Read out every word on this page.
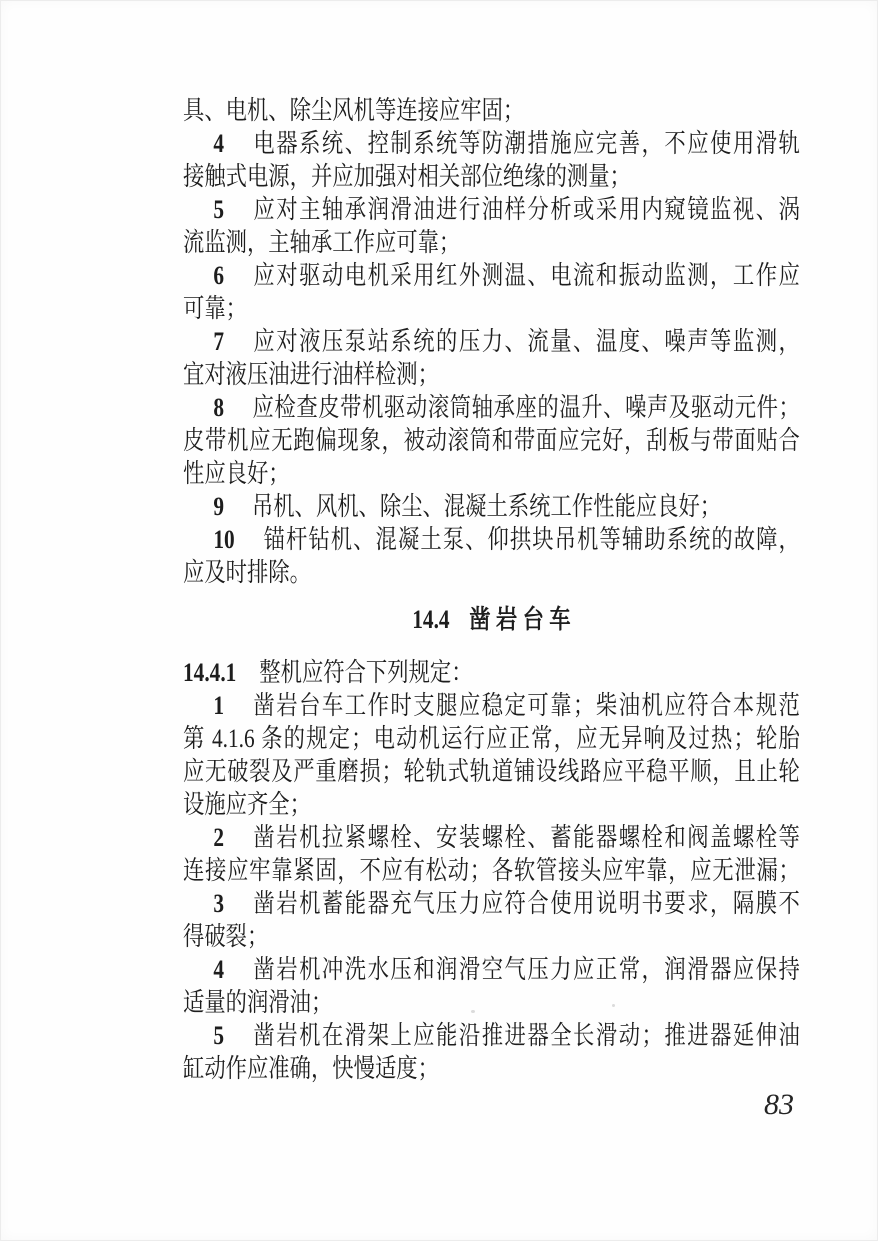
具、电机、除尘风机等连接应牢固；
4 电器系统、控制系统等防潮措施应完善，不应使用滑轨
接触式电源，并应加强对相关部位绝缘的测量；
5 应对主轴承润滑油进行油样分析或采用内窥镜监视、涡
流监测，主轴承工作应可靠；
6 应对驱动电机采用红外测温、电流和振动监测，工作应
可靠；
7 应对液压泵站系统的压力、流量、温度、噪声等监测，
宜对液压油进行油样检测；
8 应检查皮带机驱动滚筒轴承座的温升、噪声及驱动元件；
皮带机应无跑偏现象，被动滚筒和带面应完好，刮板与带面贴合
性应良好；
9 吊机、风机、除尘、混凝土系统工作性能应良好；
10 锚杆钻机、混凝土泵、仰拱块吊机等辅助系统的故障，
应及时排除。
14.4 凿 岩 台 车
14.4.1 整机应符合下列规定：
1 凿岩台车工作时支腿应稳定可靠；柴油机应符合本规范
第 4.1.6 条的规定；电动机运行应正常，应无异响及过热；轮胎
应无破裂及严重磨损；轮轨式轨道铺设线路应平稳平顺，且止轮
设施应齐全；
2 凿岩机拉紧螺栓、安装螺栓、蓄能器螺栓和阀盖螺栓等
连接应牢靠紧固，不应有松动；各软管接头应牢靠，应无泄漏；
3 凿岩机蓄能器充气压力应符合使用说明书要求，隔膜不
得破裂；
4 凿岩机冲洗水压和润滑空气压力应正常，润滑器应保持
适量的润滑油；
5 凿岩机在滑架上应能沿推进器全长滑动；推进器延伸油
缸动作应准确，快慢适度；
83
